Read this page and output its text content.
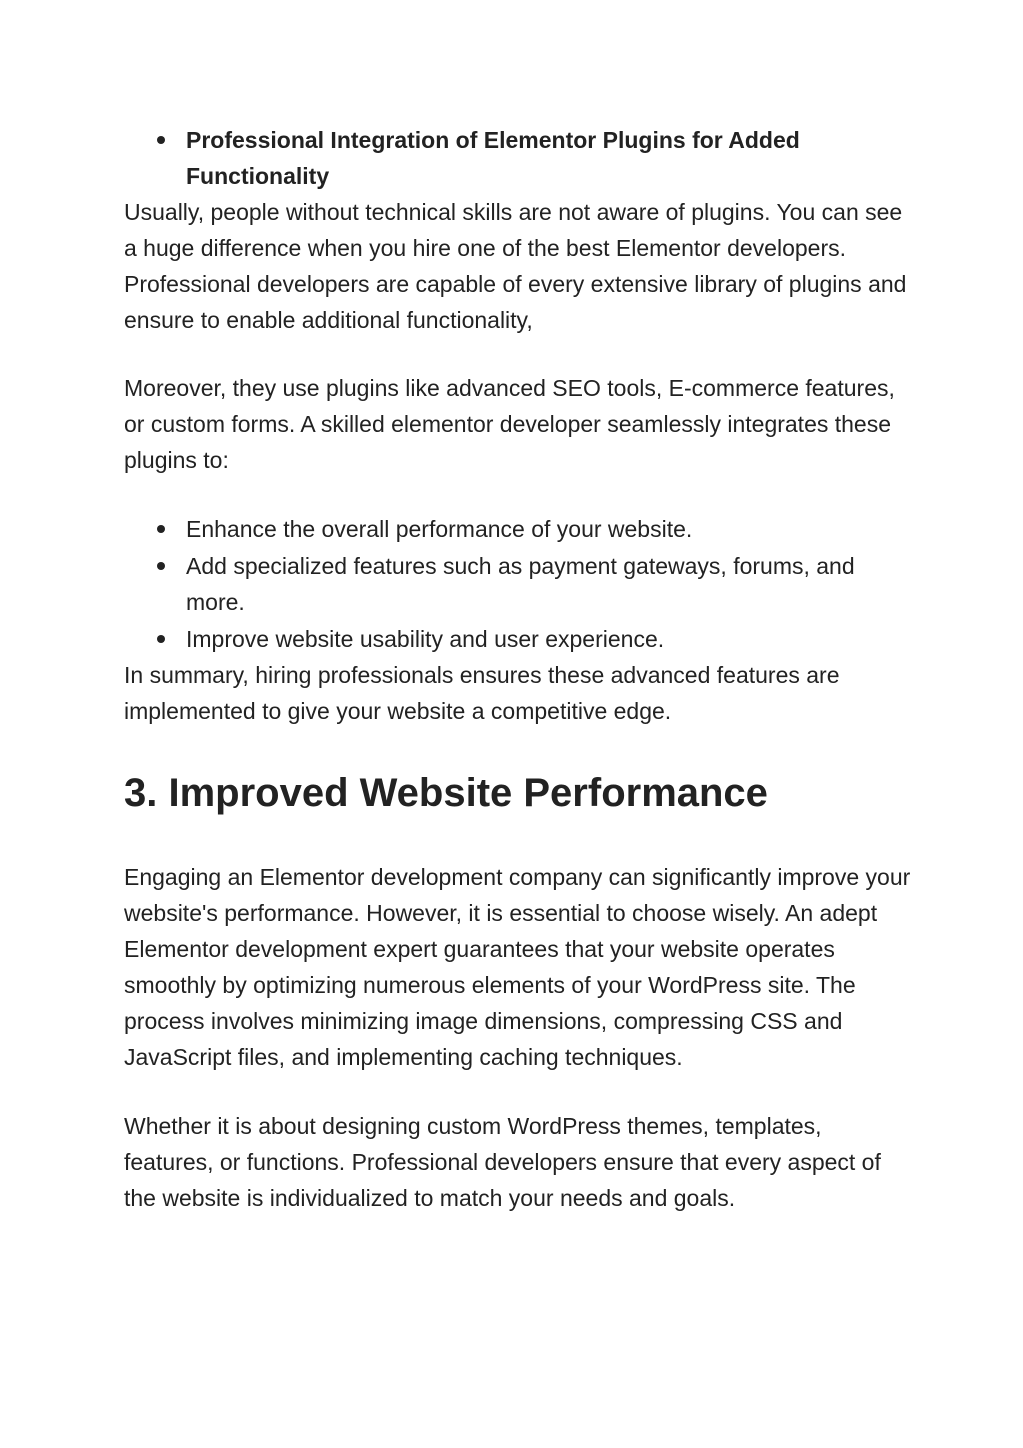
Professional Integration of Elementor Plugins for Added Functionality

Usually, people without technical skills are not aware of plugins. You can see a huge difference when you hire one of the best Elementor developers. Professional developers are capable of every extensive library of plugins and ensure to enable additional functionality,

Moreover, they use plugins like advanced SEO tools, E-commerce features, or custom forms. A skilled elementor developer seamlessly integrates these plugins to:

Enhance the overall performance of your website.
Add specialized features such as payment gateways, forums, and more.
Improve website usability and user experience.

In summary, hiring professionals ensures these advanced features are implemented to give your website a competitive edge.

3. Improved Website Performance

Engaging an Elementor development company can significantly improve your website's performance. However, it is essential to choose wisely. An adept Elementor development expert guarantees that your website operates smoothly by optimizing numerous elements of your WordPress site. The process involves minimizing image dimensions, compressing CSS and JavaScript files, and implementing caching techniques.

Whether it is about designing custom WordPress themes, templates, features, or functions. Professional developers ensure that every aspect of the website is individualized to match your needs and goals.
